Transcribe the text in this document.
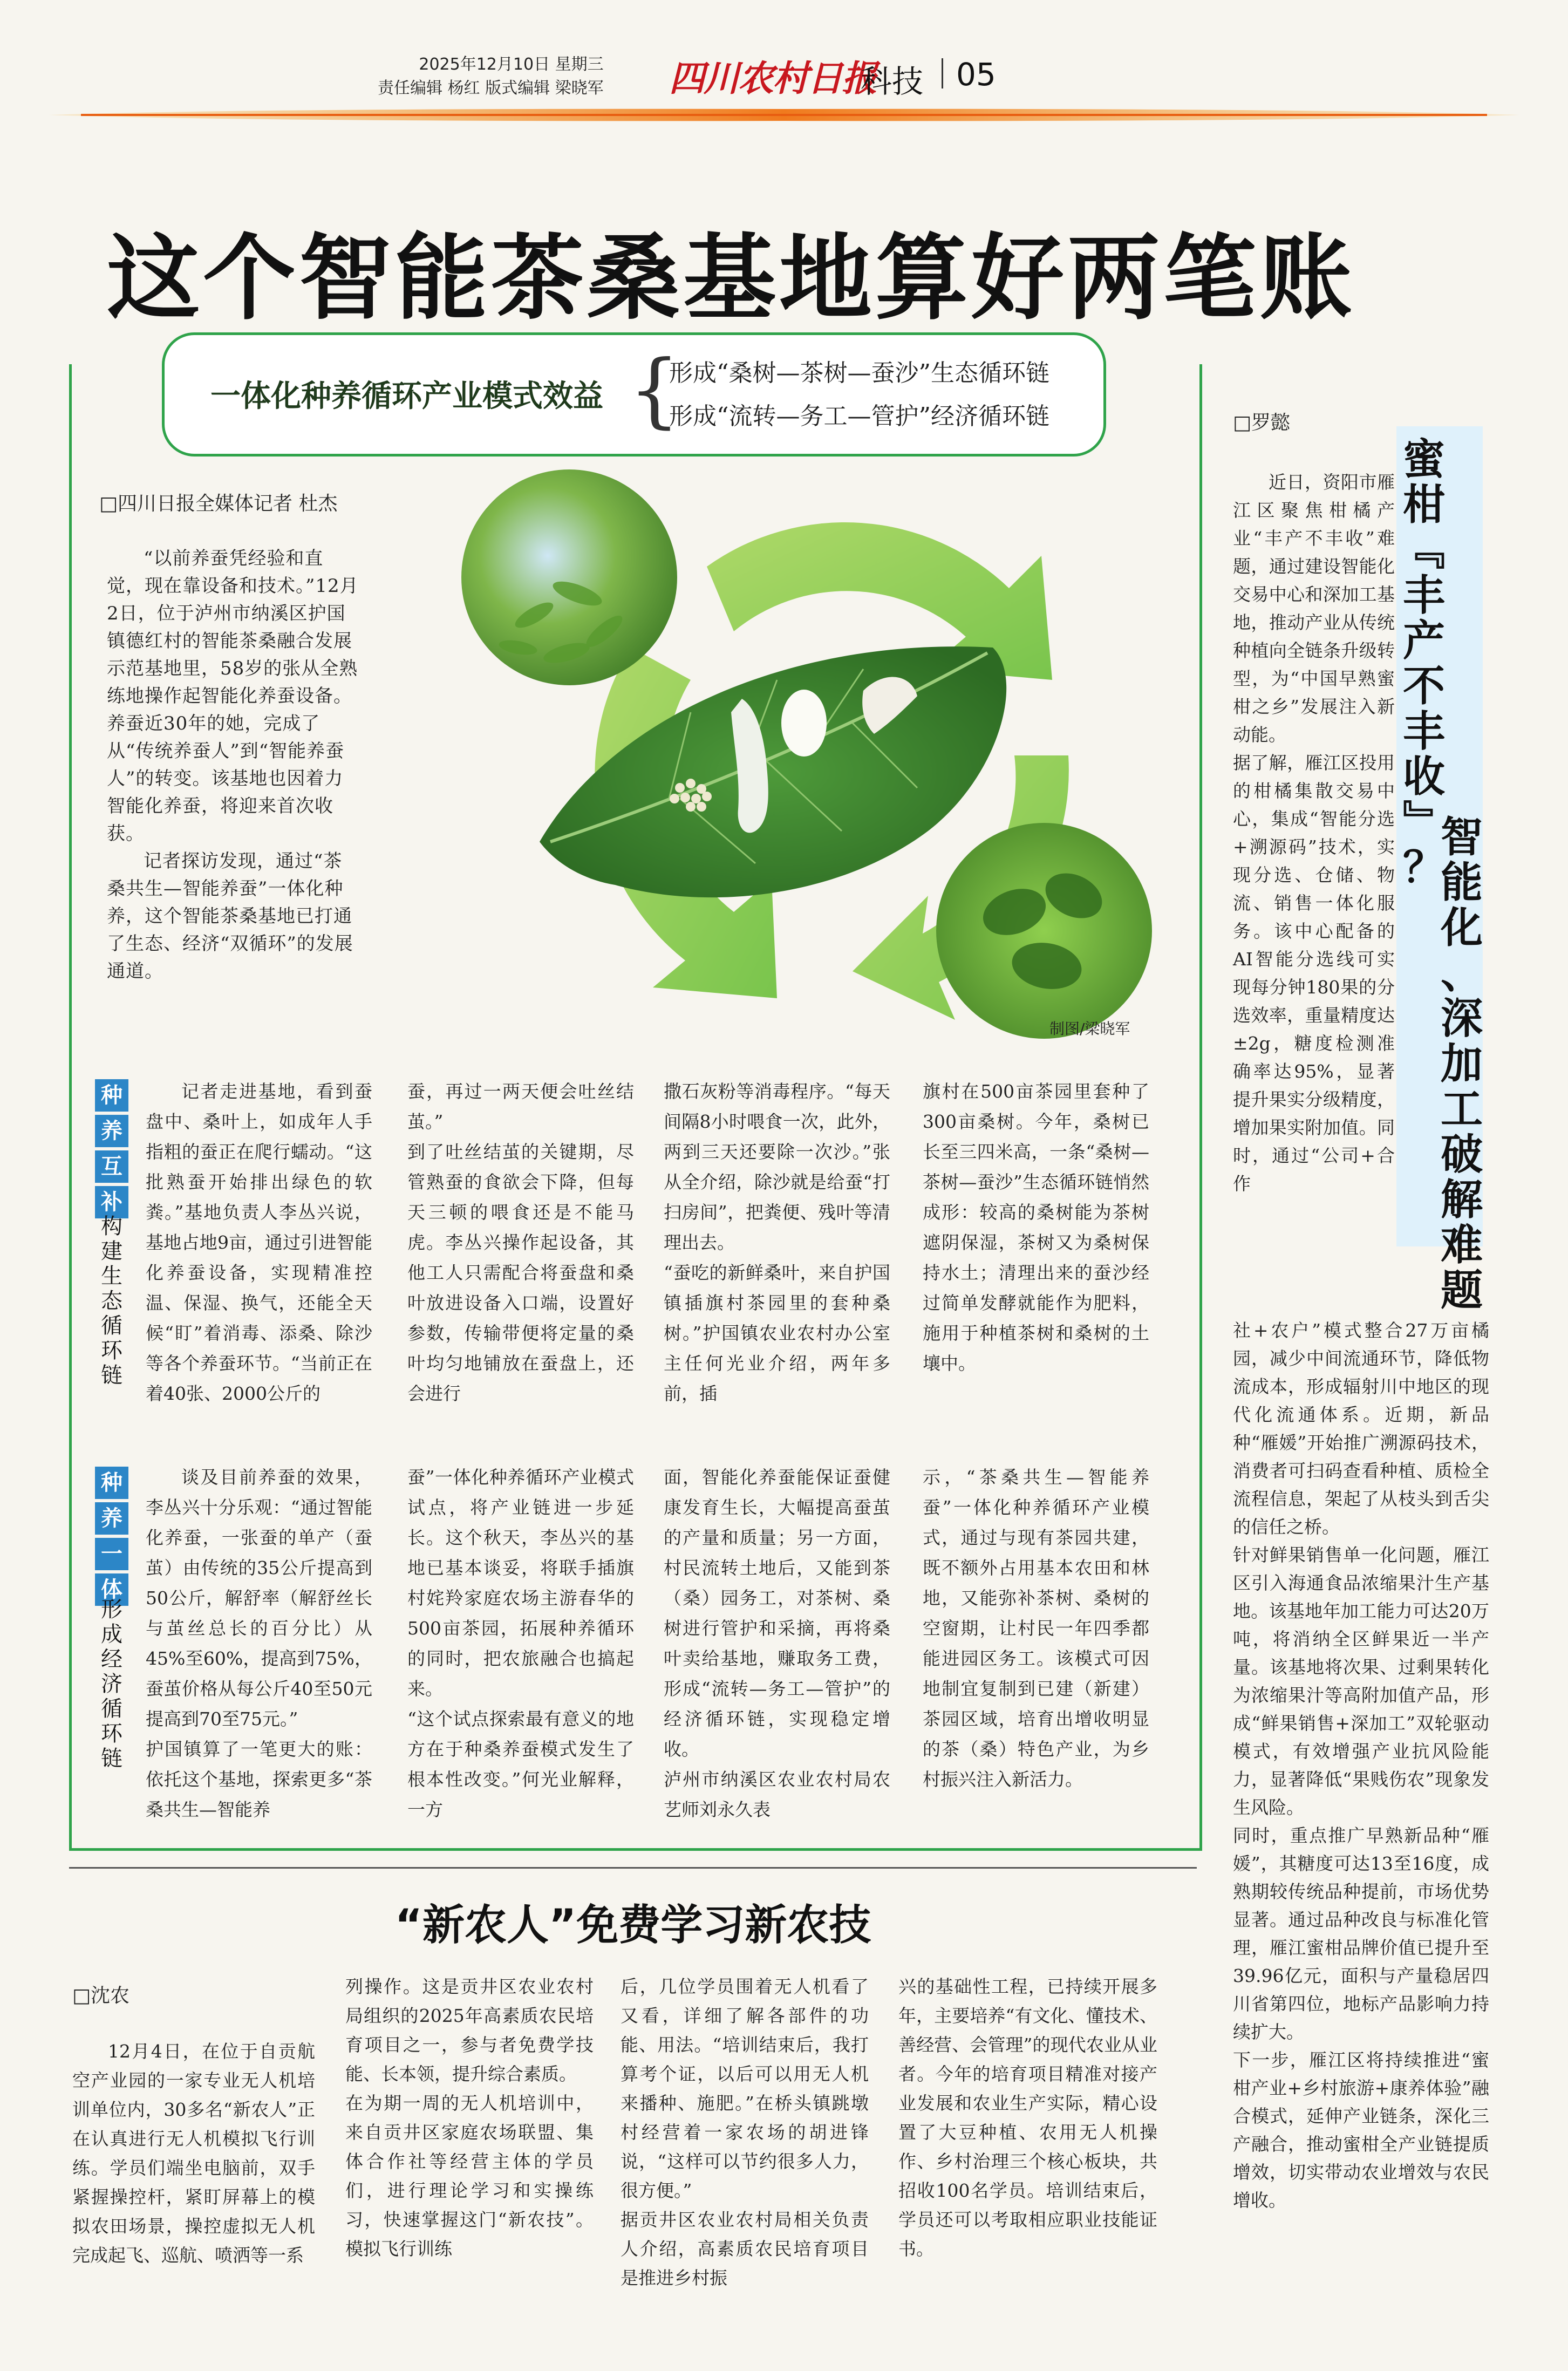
2025年12月10日 星期三
责任编辑 杨红 版式编辑 梁晓军 四川农村日报
科技 05
这个智能茶桑基地算好两笔账
一体化种养循环产业模式效益 {
形成“桑树—茶树—蚕沙”生态循环链
形成“流转—务工—管护”经济循环链
□四川日报全媒体记者 杜杰

“以前养蚕凭经验和直觉，现在靠设备和技术。”12月2日，位于泸州市纳溪区护国镇德红村的智能茶桑融合发展示范基地里，58岁的张从全熟练地操作起智能化养蚕设备。养蚕近30年的她，完成了从“传统养蚕人”到“智能养蚕人”的转变。该基地也因着力智能化养蚕，将迎来首次收获。

记者探访发现，通过“茶桑共生—智能养蚕”一体化种养，这个智能茶桑基地已打通了生态、经济“双循环”的发展通道。

制图/梁晓军
种
养
互
补
构
建
生
态
循
环
链

记者走进基地，看到蚕盘中、桑叶上，如成年人手指粗的蚕正在爬行蠕动。“这批熟蚕开始排出绿色的软粪。”基地负责人李丛兴说，基地占地9亩，通过引进智能化养蚕设备，实现精准控温、保湿、换气，还能全天候“盯”着消毒、添桑、除沙等各个养蚕环节。“当前正在着40张、2000公斤的

蚕，再过一两天便会吐丝结茧。”
到了吐丝结茧的关键期，尽管熟蚕的食欲会下降，但每天三顿的喂食还是不能马虎。李丛兴操作起设备，其他工人只需配合将蚕盘和桑叶放进设备入口端，设置好参数，传输带便将定量的桑叶均匀地铺放在蚕盘上，还会进行

撒石灰粉等消毒程序。“每天间隔8小时喂食一次，此外，两到三天还要除一次沙。”张从全介绍，除沙就是给蚕“打扫房间”，把粪便、残叶等清理出去。
“蚕吃的新鲜桑叶，来自护国镇插旗村茶园里的套种桑树。”护国镇农业农村办公室主任何光业介绍，两年多前，插

旗村在500亩茶园里套种了300亩桑树。今年，桑树已长至三四米高，一条“桑树—茶树—蚕沙”生态循环链悄然成形：较高的桑树能为茶树遮阴保湿，茶树又为桑树保持水土；清理出来的蚕沙经过简单发酵就能作为肥料，施用于种植茶树和桑树的土壤中。

种
养
一
体
形
成
经
济
循
环
链

谈及目前养蚕的效果，李丛兴十分乐观：“通过智能化养蚕，一张蚕的单产（蚕茧）由传统的35公斤提高到50公斤，解舒率（解舒丝长与茧丝总长的百分比）从45%至60%，提高到75%，蚕茧价格从每公斤40至50元提高到70至75元。”
护国镇算了一笔更大的账：依托这个基地，探索更多“茶桑共生—智能养

蚕”一体化种养循环产业模式试点，将产业链进一步延长。这个秋天，李丛兴的基地已基本谈妥，将联手插旗村姹羚家庭农场主游春华的500亩茶园，拓展种养循环的同时，把农旅融合也搞起来。
“这个试点探索最有意义的地方在于种桑养蚕模式发生了根本性改变。”何光业解释，一方

面，智能化养蚕能保证蚕健康发育生长，大幅提高蚕茧的产量和质量；另一方面，村民流转土地后，又能到茶（桑）园务工，对茶树、桑树进行管护和采摘，再将桑叶卖给基地，赚取务工费，形成“流转—务工—管护”的经济循环链，实现稳定增收。
泸州市纳溪区农业农村局农艺师刘永久表

示，“茶桑共生—智能养蚕”一体化种养循环产业模式，通过与现有茶园共建，既不额外占用基本农田和林地，又能弥补茶树、桑树的空窗期，让村民一年四季都能进园区务工。该模式可因地制宜复制到已建（新建）茶园区域，培育出增收明显的茶（桑）特色产业，为乡村振兴注入新活力。

□罗懿
蜜
柑
﹃
丰
产
不
丰
收
﹄
？
智
能
化
、
深
加
工
破
解
难
题

近日，资阳市雁江区聚焦柑橘产业“丰产不丰收”难题，通过建设智能化交易中心和深加工基地，推动产业从传统种植向全链条升级转型，为“中国早熟蜜柑之乡”发展注入新动能。
据了解，雁江区投用的柑橘集散交易中心，集成“智能分选+溯源码”技术，实现分选、仓储、物流、销售一体化服务。该中心配备的AI智能分选线可实现每分钟180果的分选效率，重量精度达±2g，糖度检测准确率达95%，显著提升果实分级精度，增加果实附加值。同时，通过“公司+合作

社+农户”模式整合27万亩橘园，减少中间流通环节，降低物流成本，形成辐射川中地区的现代化流通体系。近期，新品种“雁媛”开始推广溯源码技术，消费者可扫码查看种植、质检全流程信息，架起了从枝头到舌尖的信任之桥。
针对鲜果销售单一化问题，雁江区引入海通食品浓缩果汁生产基地。该基地年加工能力可达20万吨，将消纳全区鲜果近一半产量。该基地将次果、过剩果转化为浓缩果汁等高附加值产品，形成“鲜果销售+深加工”双轮驱动模式，有效增强产业抗风险能力，显著降低“果贱伤农”现象发生风险。
同时，重点推广早熟新品种“雁媛”，其糖度可达13至16度，成熟期较传统品种提前，市场优势显著。通过品种改良与标准化管理，雁江蜜柑品牌价值已提升至39.96亿元，面积与产量稳居四川省第四位，地标产品影响力持续扩大。
下一步，雁江区将持续推进“蜜柑产业+乡村旅游+康养体验”融合模式，延伸产业链条，深化三产融合，推动蜜柑全产业链提质增效，切实带动农业增效与农民增收。

“新农人”免费学习新农技
□沈农

12月4日，在位于自贡航空产业园的一家专业无人机培训单位内，30多名“新农人”正在认真进行无人机模拟飞行训练。学员们端坐电脑前，双手紧握操控杆，紧盯屏幕上的模拟农田场景，操控虚拟无人机完成起飞、巡航、喷洒等一系

列操作。这是贡井区农业农村局组织的2025年高素质农民培育项目之一，参与者免费学技能、长本领，提升综合素质。
在为期一周的无人机培训中，来自贡井区家庭农场联盟、集体合作社等经营主体的学员们，进行理论学习和实操练习，快速掌握这门“新农技”。模拟飞行训练

后，几位学员围着无人机看了又看，详细了解各部件的功能、用法。“培训结束后，我打算考个证，以后可以用无人机来播种、施肥。”在桥头镇跳墩村经营着一家农场的胡进锋说，“这样可以节约很多人力，很方便。”
据贡井区农业农村局相关负责人介绍，高素质农民培育项目是推进乡村振

兴的基础性工程，已持续开展多年，主要培养“有文化、懂技术、善经营、会管理”的现代农业从业者。今年的培育项目精准对接产业发展和农业生产实际，精心设置了大豆种植、农用无人机操作、乡村治理三个核心板块，共招收100名学员。培训结束后，学员还可以考取相应职业技能证书。
